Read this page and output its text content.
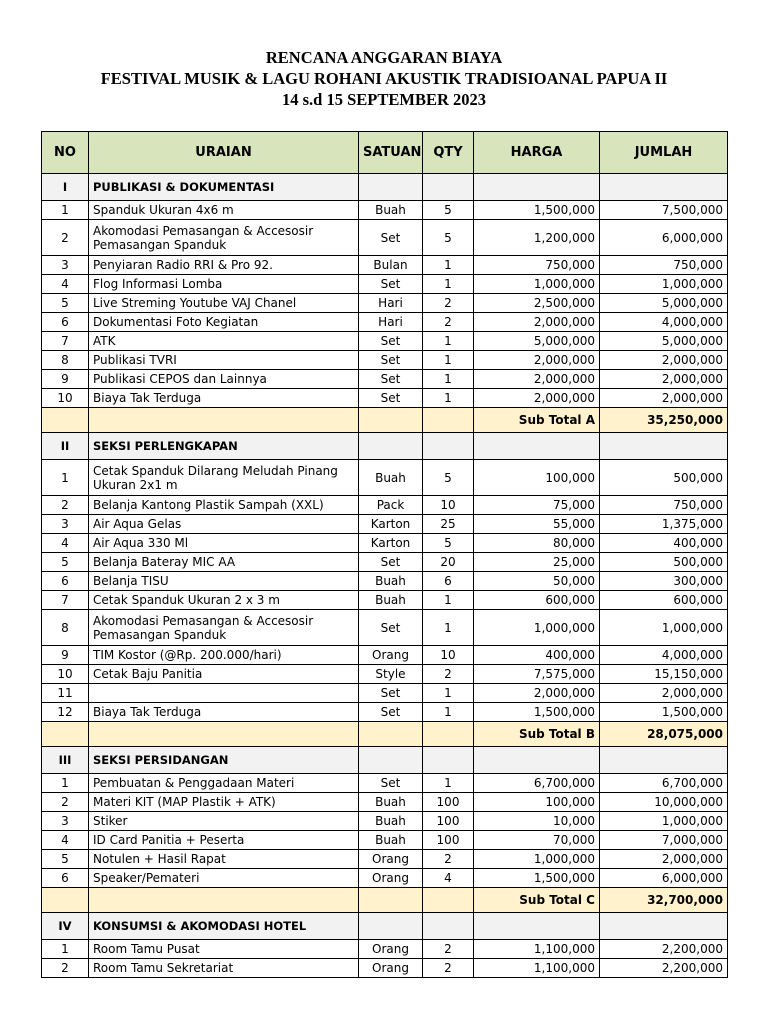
RENCANA ANGGARAN BIAYA
FESTIVAL MUSIK & LAGU ROHANI AKUSTIK TRADISIOANAL PAPUA II
14 s.d 15 SEPTEMBER 2023
NO	URAIAN	SATUAN	QTY	HARGA	JUMLAH
I	PUBLIKASI & DOKUMENTASI				
1	Spanduk Ukuran 4x6 m	Buah	5	1,500,000	7,500,000
2	Akomodasi Pemasangan & Accesosir Pemasangan Spanduk	Set	5	1,200,000	6,000,000
3	Penyiaran Radio RRI & Pro 92.	Bulan	1	750,000	750,000
4	Flog Informasi Lomba	Set	1	1,000,000	1,000,000
5	Live Streming Youtube VAJ Chanel	Hari	2	2,500,000	5,000,000
6	Dokumentasi Foto Kegiatan	Hari	2	2,000,000	4,000,000
7	ATK	Set	1	5,000,000	5,000,000
8	Publikasi TVRI	Set	1	2,000,000	2,000,000
9	Publikasi CEPOS dan Lainnya	Set	1	2,000,000	2,000,000
10	Biaya Tak Terduga	Set	1	2,000,000	2,000,000
				Sub Total A	35,250,000
II	SEKSI PERLENGKAPAN				
1	Cetak Spanduk Dilarang Meludah Pinang Ukuran 2x1 m	Buah	5	100,000	500,000
2	Belanja Kantong Plastik Sampah (XXL)	Pack	10	75,000	750,000
3	Air Aqua Gelas	Karton	25	55,000	1,375,000
4	Air Aqua 330 Ml	Karton	5	80,000	400,000
5	Belanja Bateray MIC AA	Set	20	25,000	500,000
6	Belanja TISU	Buah	6	50,000	300,000
7	Cetak Spanduk Ukuran 2 x 3 m	Buah	1	600,000	600,000
8	Akomodasi Pemasangan & Accesosir Pemasangan Spanduk	Set	1	1,000,000	1,000,000
9	TIM Kostor (@Rp. 200.000/hari)	Orang	10	400,000	4,000,000
10	Cetak Baju Panitia	Style	2	7,575,000	15,150,000
11		Set	1	2,000,000	2,000,000
12	Biaya Tak Terduga	Set	1	1,500,000	1,500,000
				Sub Total B	28,075,000
III	SEKSI PERSIDANGAN				
1	Pembuatan & Penggadaan Materi	Set	1	6,700,000	6,700,000
2	Materi KIT (MAP Plastik + ATK)	Buah	100	100,000	10,000,000
3	Stiker	Buah	100	10,000	1,000,000
4	ID Card Panitia + Peserta	Buah	100	70,000	7,000,000
5	Notulen + Hasil Rapat	Orang	2	1,000,000	2,000,000
6	Speaker/Pemateri	Orang	4	1,500,000	6,000,000
				Sub Total C	32,700,000
IV	KONSUMSI & AKOMODASI HOTEL				
1	Room Tamu Pusat	Orang	2	1,100,000	2,200,000
2	Room Tamu Sekretariat	Orang	2	1,100,000	2,200,000
